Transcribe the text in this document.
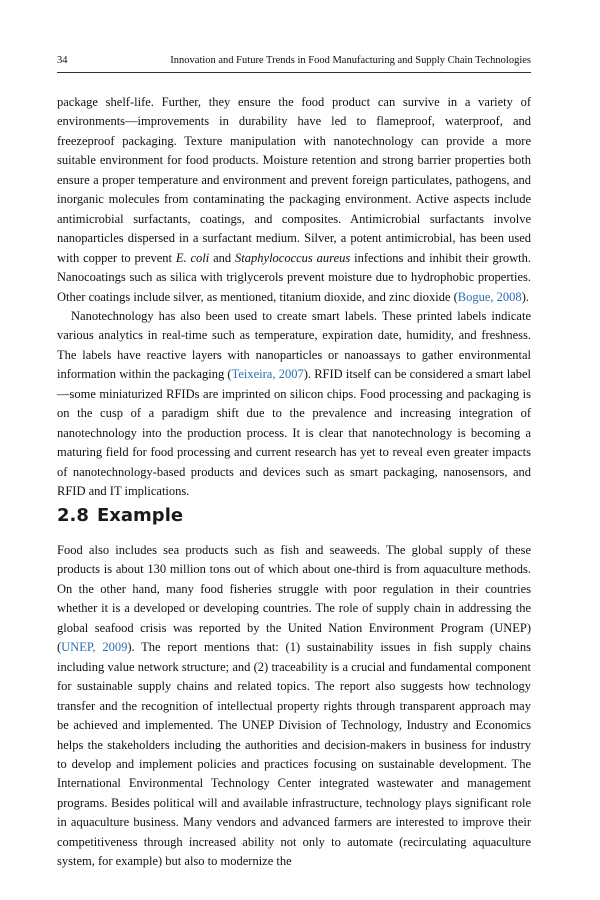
34	Innovation and Future Trends in Food Manufacturing and Supply Chain Technologies

package shelf-life. Further, they ensure the food product can survive in a variety of environments—improvements in durability have led to flameproof, waterproof, and freezeproof packaging. Texture manipulation with nanotechnology can provide a more suitable environment for food products. Moisture retention and strong barrier properties both ensure a proper temperature and environment and prevent foreign particulates, pathogens, and inorganic molecules from contaminating the packaging environment. Active aspects include antimicrobial surfactants, coatings, and composites. Antimicrobial surfactants involve nanoparticles dispersed in a surfactant medium. Silver, a potent antimicrobial, has been used with copper to prevent E. coli and Staphylococcus aureus infections and inhibit their growth. Nanocoatings such as silica with triglycerols prevent moisture due to hydrophobic properties. Other coatings include silver, as mentioned, titanium dioxide, and zinc dioxide (Bogue, 2008).

Nanotechnology has also been used to create smart labels. These printed labels indicate various analytics in real-time such as temperature, expiration date, humidity, and freshness. The labels have reactive layers with nanoparticles or nanoassays to gather environmental information within the packaging (Teixeira, 2007). RFID itself can be considered a smart label—some miniaturized RFIDs are imprinted on silicon chips. Food processing and packaging is on the cusp of a paradigm shift due to the prevalence and increasing integration of nanotechnology into the production process. It is clear that nanotechnology is becoming a maturing field for food processing and current research has yet to reveal even greater impacts of nanotechnology-based products and devices such as smart packaging, nanosensors, and RFID and IT implications.

2.8 Example

Food also includes sea products such as fish and seaweeds. The global supply of these products is about 130 million tons out of which about one-third is from aquaculture methods. On the other hand, many food fisheries struggle with poor regulation in their countries whether it is a developed or developing countries. The role of supply chain in addressing the global seafood crisis was reported by the United Nation Environment Program (UNEP) (UNEP, 2009). The report mentions that: (1) sustainability issues in fish supply chains including value network structure; and (2) traceability is a crucial and fundamental component for sustainable supply chains and related topics. The report also suggests how technology transfer and the recognition of intellectual property rights through transparent approach may be achieved and implemented. The UNEP Division of Technology, Industry and Economics helps the stakeholders including the authorities and decision-makers in business for industry to develop and implement policies and practices focusing on sustainable development. The International Environmental Technology Center integrated wastewater and management programs. Besides political will and available infrastructure, technology plays significant role in aquaculture business. Many vendors and advanced farmers are interested to improve their competitiveness through increased ability not only to automate (recirculating aquaculture system, for example) but also to modernize the
